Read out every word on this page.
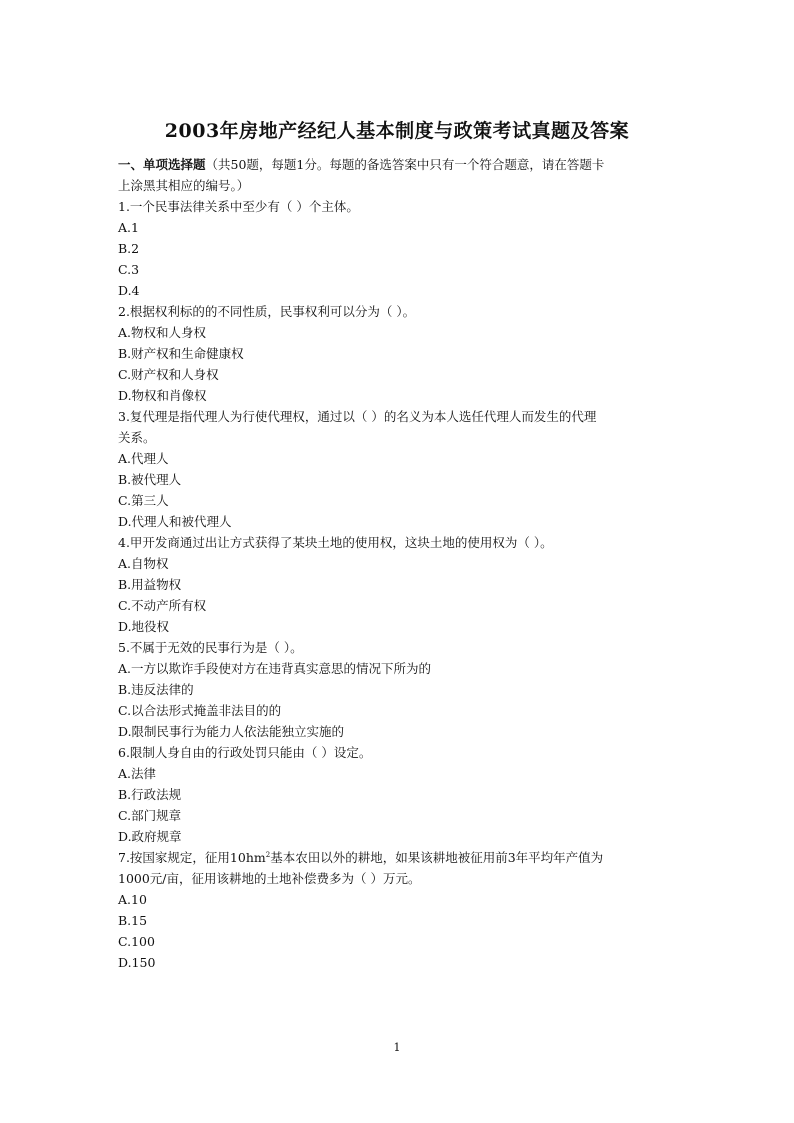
2003年房地产经纪人基本制度与政策考试真题及答案
一、单项选择题（共50题，每题1分。每题的备选答案中只有一个符合题意，请在答题卡
上涂黑其相应的编号。）
1.一个民事法律关系中至少有（ ）个主体。
A.1
B.2
C.3
D.4
2.根据权利标的的不同性质，民事权利可以分为（ ）。
A.物权和人身权
B.财产权和生命健康权
C.财产权和人身权
D.物权和肖像权
3.复代理是指代理人为行使代理权，通过以（ ）的名义为本人选任代理人而发生的代理
关系。
A.代理人
B.被代理人
C.第三人
D.代理人和被代理人
4.甲开发商通过出让方式获得了某块土地的使用权，这块土地的使用权为（ ）。
A.自物权
B.用益物权
C.不动产所有权
D.地役权
5.不属于无效的民事行为是（ ）。
A.一方以欺诈手段使对方在违背真实意思的情况下所为的
B.违反法律的
C.以合法形式掩盖非法目的的
D.限制民事行为能力人依法能独立实施的
6.限制人身自由的行政处罚只能由（ ）设定。
A.法律
B.行政法规
C.部门规章
D.政府规章
7.按国家规定，征用$10hm^2$基本农田以外的耕地，如果该耕地被征用前3年平均年产值为
1000元/亩，征用该耕地的土地补偿费多为（ ）万元。
A.10
B.15
C.100
D.150
1
